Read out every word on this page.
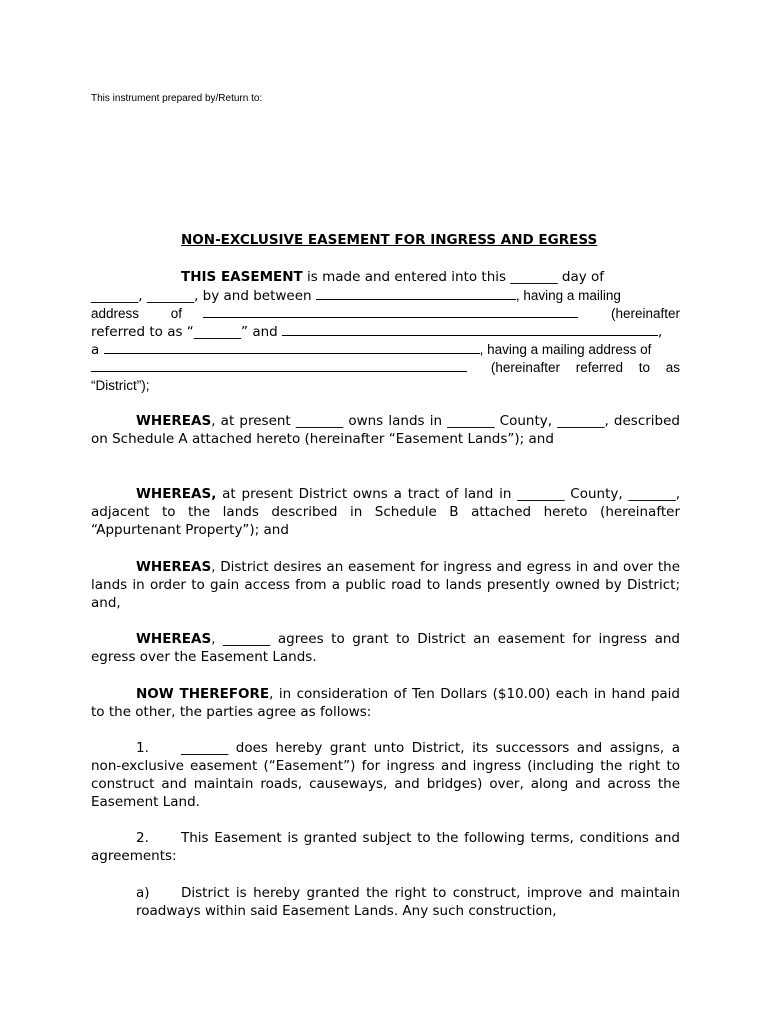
This instrument prepared by/Return to:
NON-EXCLUSIVE EASEMENT FOR INGRESS AND EGRESS
THIS EASEMENT is made and entered into this _______ day of
_______, _______, by and between	, having a mailing
address of	(hereinafter
referred to as “_______” and	,
a	, having a mailing address of
(hereinafter referred to as
“District”);
WHEREAS, at present _______ owns lands in _______ County, _______, described on Schedule A attached hereto (hereinafter “Easement Lands”); and
WHEREAS, at present District owns a tract of land in _______ County, _______, adjacent to the lands described in Schedule B attached hereto (hereinafter “Appurtenant Property”); and
WHEREAS, District desires an easement for ingress and egress in and over the lands in order to gain access from a public road to lands presently owned by District; and,
WHEREAS, _______ agrees to grant to District an easement for ingress and egress over the Easement Lands.
NOW THEREFORE, in consideration of Ten Dollars ($10.00) each in hand paid to the other, the parties agree as follows:
1. _______ does hereby grant unto District, its successors and assigns, a non-exclusive easement (“Easement”) for ingress and ingress (including the right to construct and maintain roads, causeways, and bridges) over, along and across the Easement Land.
2. This Easement is granted subject to the following terms, conditions and agreements:
a) District is hereby granted the right to construct, improve and maintain roadways within said Easement Lands. Any such construction,
